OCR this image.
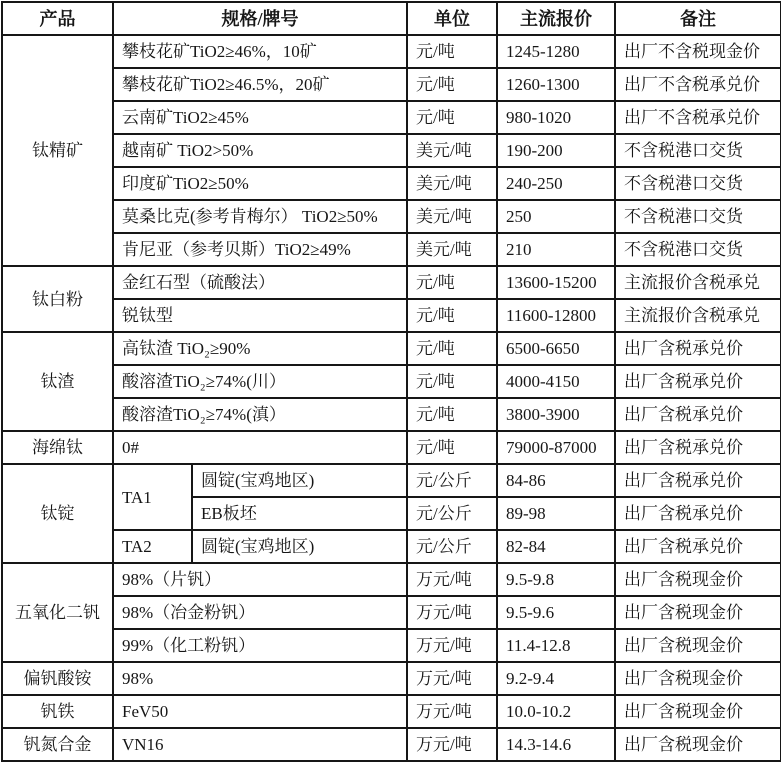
产品	规格/牌号		单位	主流报价	备注
钛精矿	攀枝花矿TiO2≥46%，10矿		元/吨	1245-1280	出厂不含税现金价
	攀枝花矿TiO2≥46.5%，20矿		元/吨	1260-1300	出厂不含税承兑价
	云南矿TiO2≥45%		元/吨	980-1020	出厂不含税承兑价
	越南矿 TiO2>50%		美元/吨	190-200	不含税港口交货
	印度矿TiO2≥50%		美元/吨	240-250	不含税港口交货
	莫桑比克(参考肯梅尔） TiO2≥50%		美元/吨	250	不含税港口交货
	肯尼亚（参考贝斯）TiO2≥49%		美元/吨	210	不含税港口交货
钛白粉	金红石型（硫酸法）		元/吨	13600-15200	主流报价含税承兑
	锐钛型		元/吨	11600-12800	主流报价含税承兑
钛渣	高钛渣 TiO₂≥90%		元/吨	6500-6650	出厂含税承兑价
	酸溶渣TiO₂≥74%(川）		元/吨	4000-4150	出厂含税承兑价
	酸溶渣TiO₂≥74%(滇）		元/吨	3800-3900	出厂含税承兑价
海绵钛	0#		元/吨	79000-87000	出厂含税承兑价
钛锭	TA1	圆锭(宝鸡地区)	元/公斤	84-86	出厂含税承兑价
		EB板坯	元/公斤	89-98	出厂含税承兑价
	TA2	圆锭(宝鸡地区)	元/公斤	82-84	出厂含税承兑价
五氧化二钒	98%（片钒）		万元/吨	9.5-9.8	出厂含税现金价
	98%（冶金粉钒）		万元/吨	9.5-9.6	出厂含税现金价
	99%（化工粉钒）		万元/吨	11.4-12.8	出厂含税现金价
偏钒酸铵	98%		万元/吨	9.2-9.4	出厂含税现金价
钒铁	FeV50		万元/吨	10.0-10.2	出厂含税现金价
钒氮合金	VN16		万元/吨	14.3-14.6	出厂含税现金价
